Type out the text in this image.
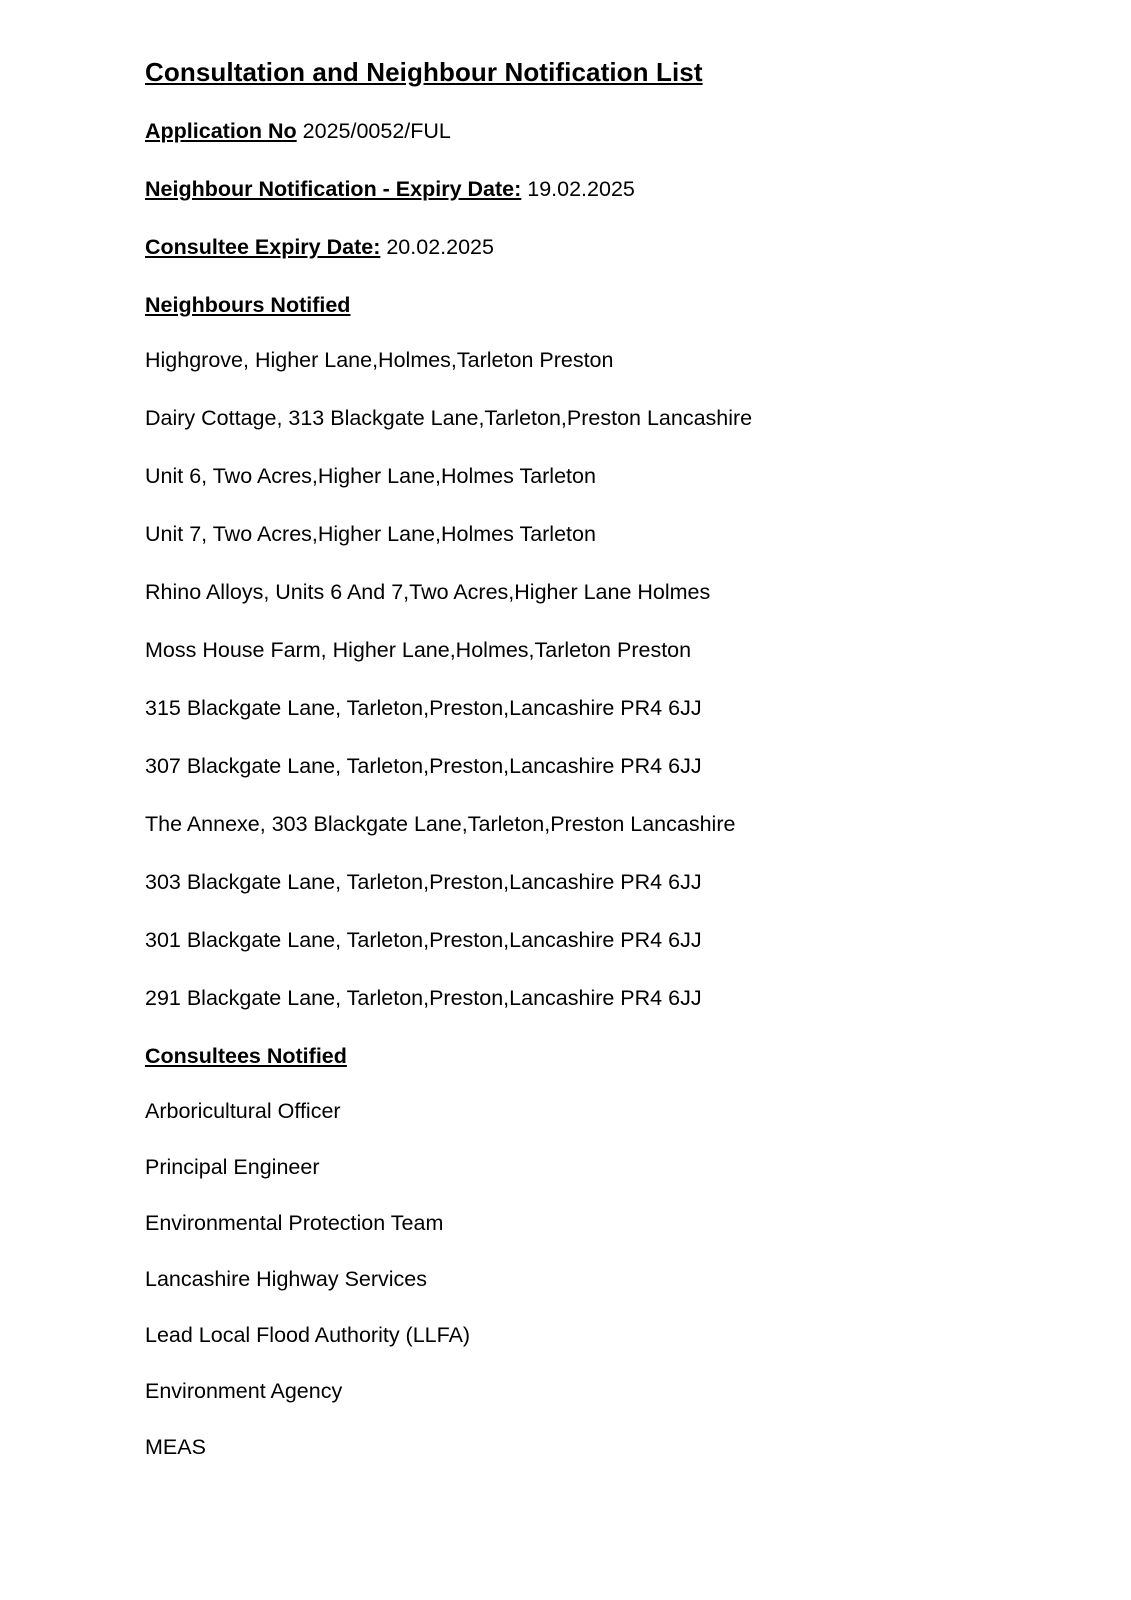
Consultation and Neighbour Notification List

Application No 2025/0052/FUL

Neighbour Notification - Expiry Date: 19.02.2025

Consultee Expiry Date: 20.02.2025

Neighbours Notified

Highgrove, Higher Lane,Holmes,Tarleton Preston

Dairy Cottage, 313 Blackgate Lane,Tarleton,Preston Lancashire

Unit 6, Two Acres,Higher Lane,Holmes Tarleton

Unit 7, Two Acres,Higher Lane,Holmes Tarleton

Rhino Alloys, Units 6 And 7,Two Acres,Higher Lane Holmes

Moss House Farm, Higher Lane,Holmes,Tarleton Preston

315 Blackgate Lane, Tarleton,Preston,Lancashire PR4 6JJ

307 Blackgate Lane, Tarleton,Preston,Lancashire PR4 6JJ

The Annexe, 303 Blackgate Lane,Tarleton,Preston Lancashire

303 Blackgate Lane, Tarleton,Preston,Lancashire PR4 6JJ

301 Blackgate Lane, Tarleton,Preston,Lancashire PR4 6JJ

291 Blackgate Lane, Tarleton,Preston,Lancashire PR4 6JJ

Consultees Notified

Arboricultural Officer

Principal Engineer

Environmental Protection Team

Lancashire Highway Services

Lead Local Flood Authority (LLFA)

Environment Agency

MEAS
